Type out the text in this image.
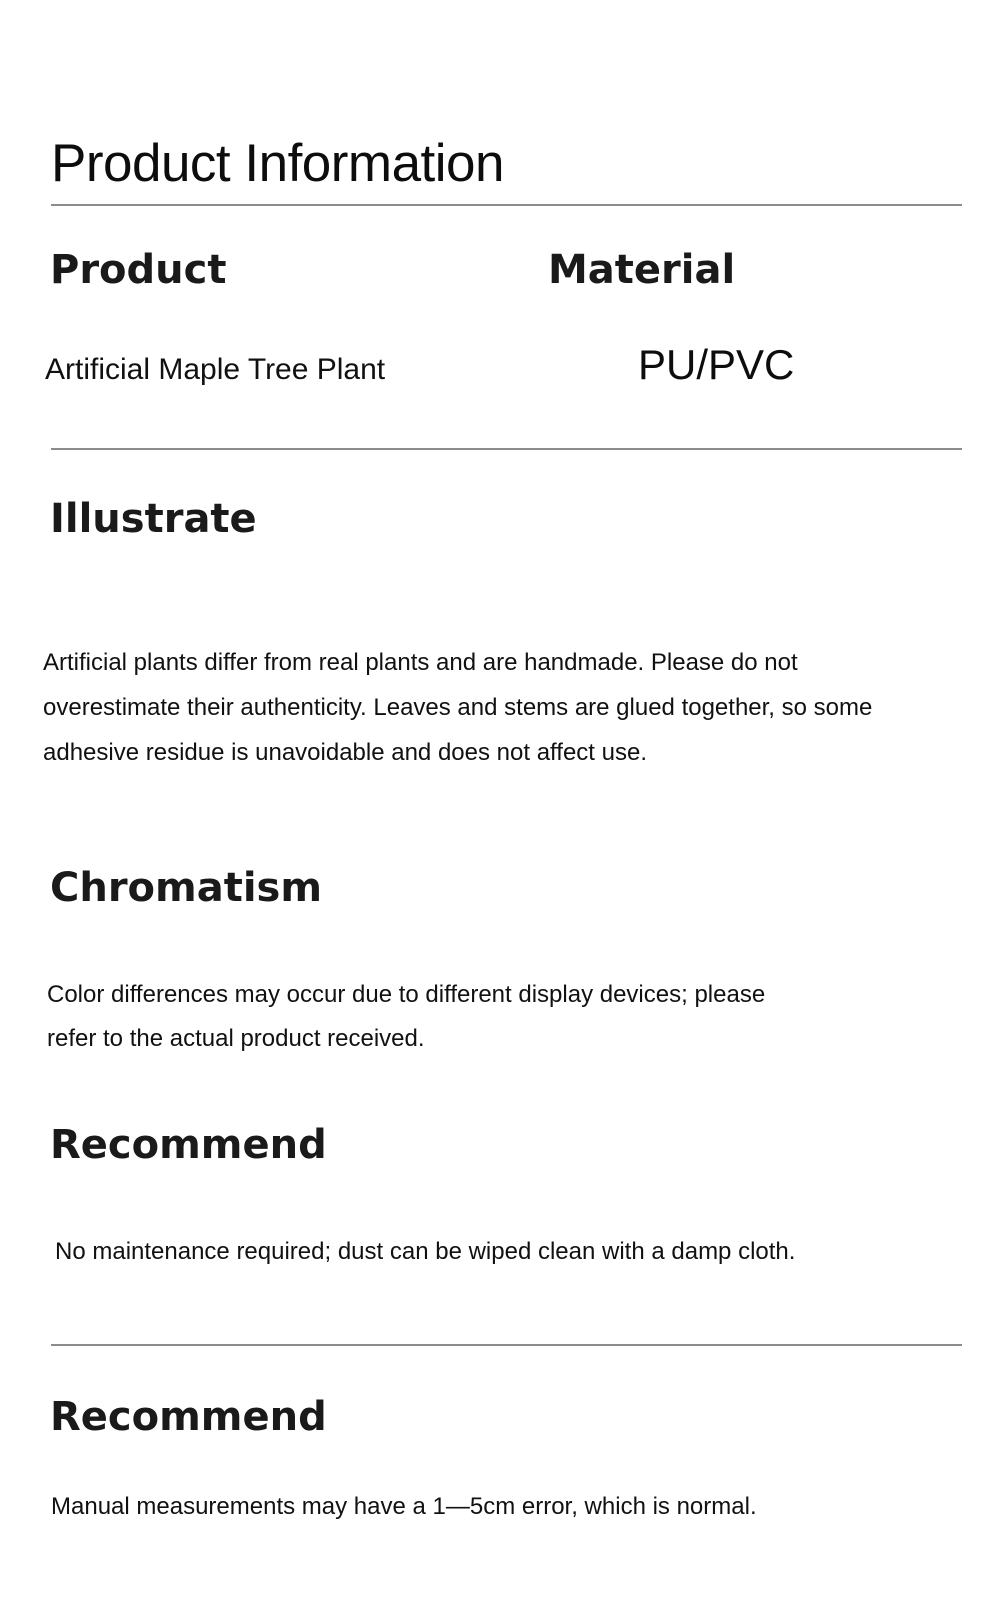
Product Information
Product	Material
Artificial Maple Tree Plant	PU/PVC
Illustrate
Artificial plants differ from real plants and are handmade. Please do not
overestimate their authenticity. Leaves and stems are glued together, so some
adhesive residue is unavoidable and does not affect use.
Chromatism
Color differences may occur due to different display devices; please
refer to the actual product received.
Recommend
No maintenance required; dust can be wiped clean with a damp cloth.
Recommend
Manual measurements may have a 1—5cm error, which is normal.
